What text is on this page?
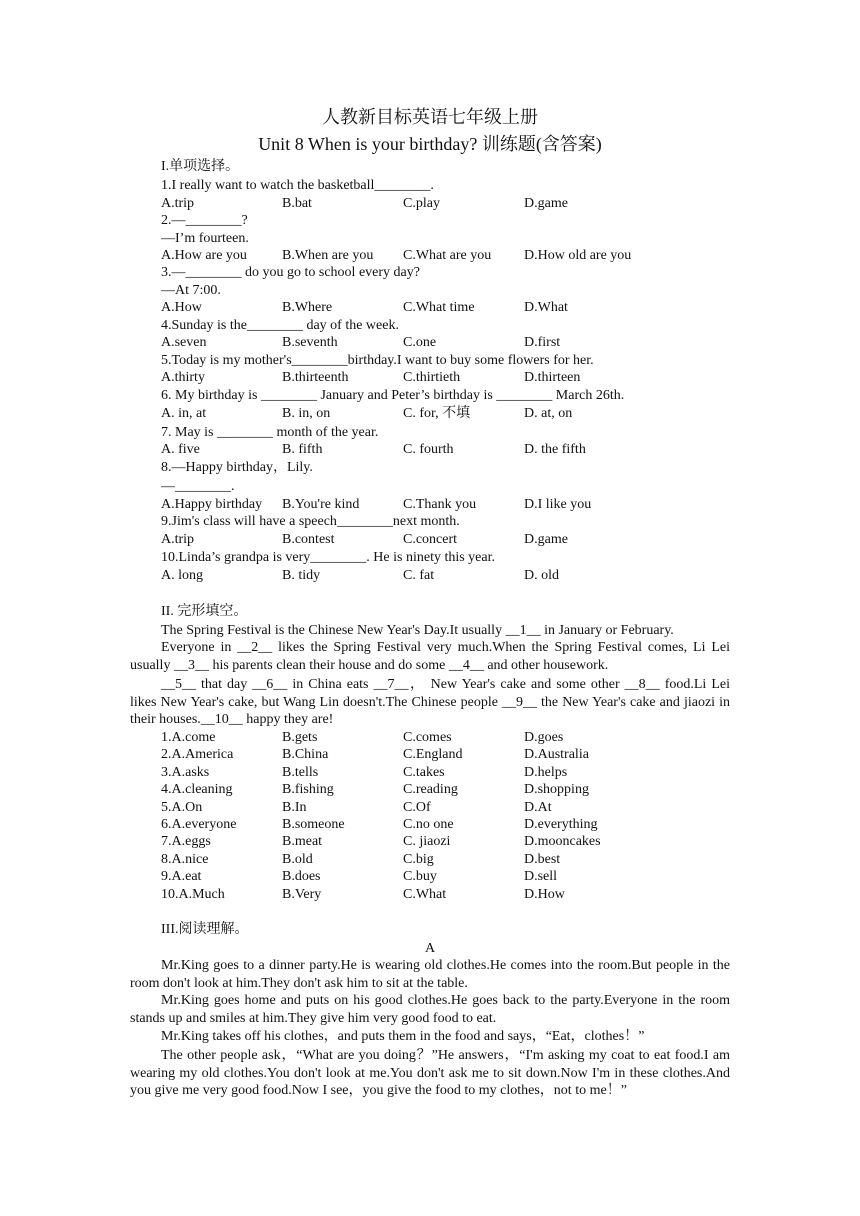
人教新目标英语七年级上册
Unit 8 When is your birthday? 训练题(含答案)
I.单项选择。
1.I really want to watch the basketball________.
A.trip	B.bat	C.play	D.game
2.—________?
—I’m fourteen.
A.How are you	B.When are you C.What are you D.How old are you
3.—________ do you go to school every day?
—At 7:00.
A.How	B.Where	C.What time	D.What
4.Sunday is the________ day of the week.
A.seven	B.seventh	C.one	D.first
5.Today is my mother's________birthday.I want to buy some flowers for her.
A.thirty	B.thirteenth	C.thirtieth	D.thirteen
6. My birthday is ________ January and Peter’s birthday is ________ March 26th.
A. in, at	B. in, on	C. for, 不填	D. at, on
7. May is ________ month of the year.
A. five	B. fifth	C. fourth	D. the fifth
8.—Happy birthday，Lily.
—________.
A.Happy birthday B.You're kind	C.Thank you	D.I like you
9.Jim's class will have a speech________next month.
A.trip	B.contest	C.concert	D.game
10.Linda’s grandpa is very________. He is ninety this year.
A. long	B. tidy	C. fat	D. old
II. 完形填空。
The Spring Festival is the Chinese New Year's Day.It usually __1__ in January or February.
Everyone in __2__ likes the Spring Festival very much.When the Spring Festival comes, Li Lei usually __3__ his parents clean their house and do some __4__ and other housework.
__5__ that day __6__ in China eats __7__， New Year's cake and some other __8__ food.Li Lei likes New Year's cake, but Wang Lin doesn't.The Chinese people __9__ the New Year's cake and jiaozi in their houses.__10__ happy they are!
1.A.come	B.gets	C.comes	D.goes
2.A.America	B.China	C.England	D.Australia
3.A.asks	B.tells	C.takes	D.helps
4.A.cleaning	B.fishing	C.reading	D.shopping
5.A.On	B.In	C.Of	D.At
6.A.everyone	B.someone	C.no one	D.everything
7.A.eggs	B.meat	C. jiaozi	D.mooncakes
8.A.nice	B.old	C.big	D.best
9.A.eat	B.does	C.buy	D.sell
10.A.Much	B.Very	C.What	D.How
III.阅读理解。
A
Mr.King goes to a dinner party.He is wearing old clothes.He comes into the room.But people in the room don't look at him.They don't ask him to sit at the table.
Mr.King goes home and puts on his good clothes.He goes back to the party.Everyone in the room stands up and smiles at him.They give him very good food to eat.
Mr.King takes off his clothes，and puts them in the food and says，“Eat，clothes！”
The other people ask，“What are you doing？”He answers，“I'm asking my coat to eat food.I am wearing my old clothes.You don't look at me.You don't ask me to sit down.Now I'm in these clothes.And you give me very good food.Now I see，you give the food to my clothes，not to me！”
